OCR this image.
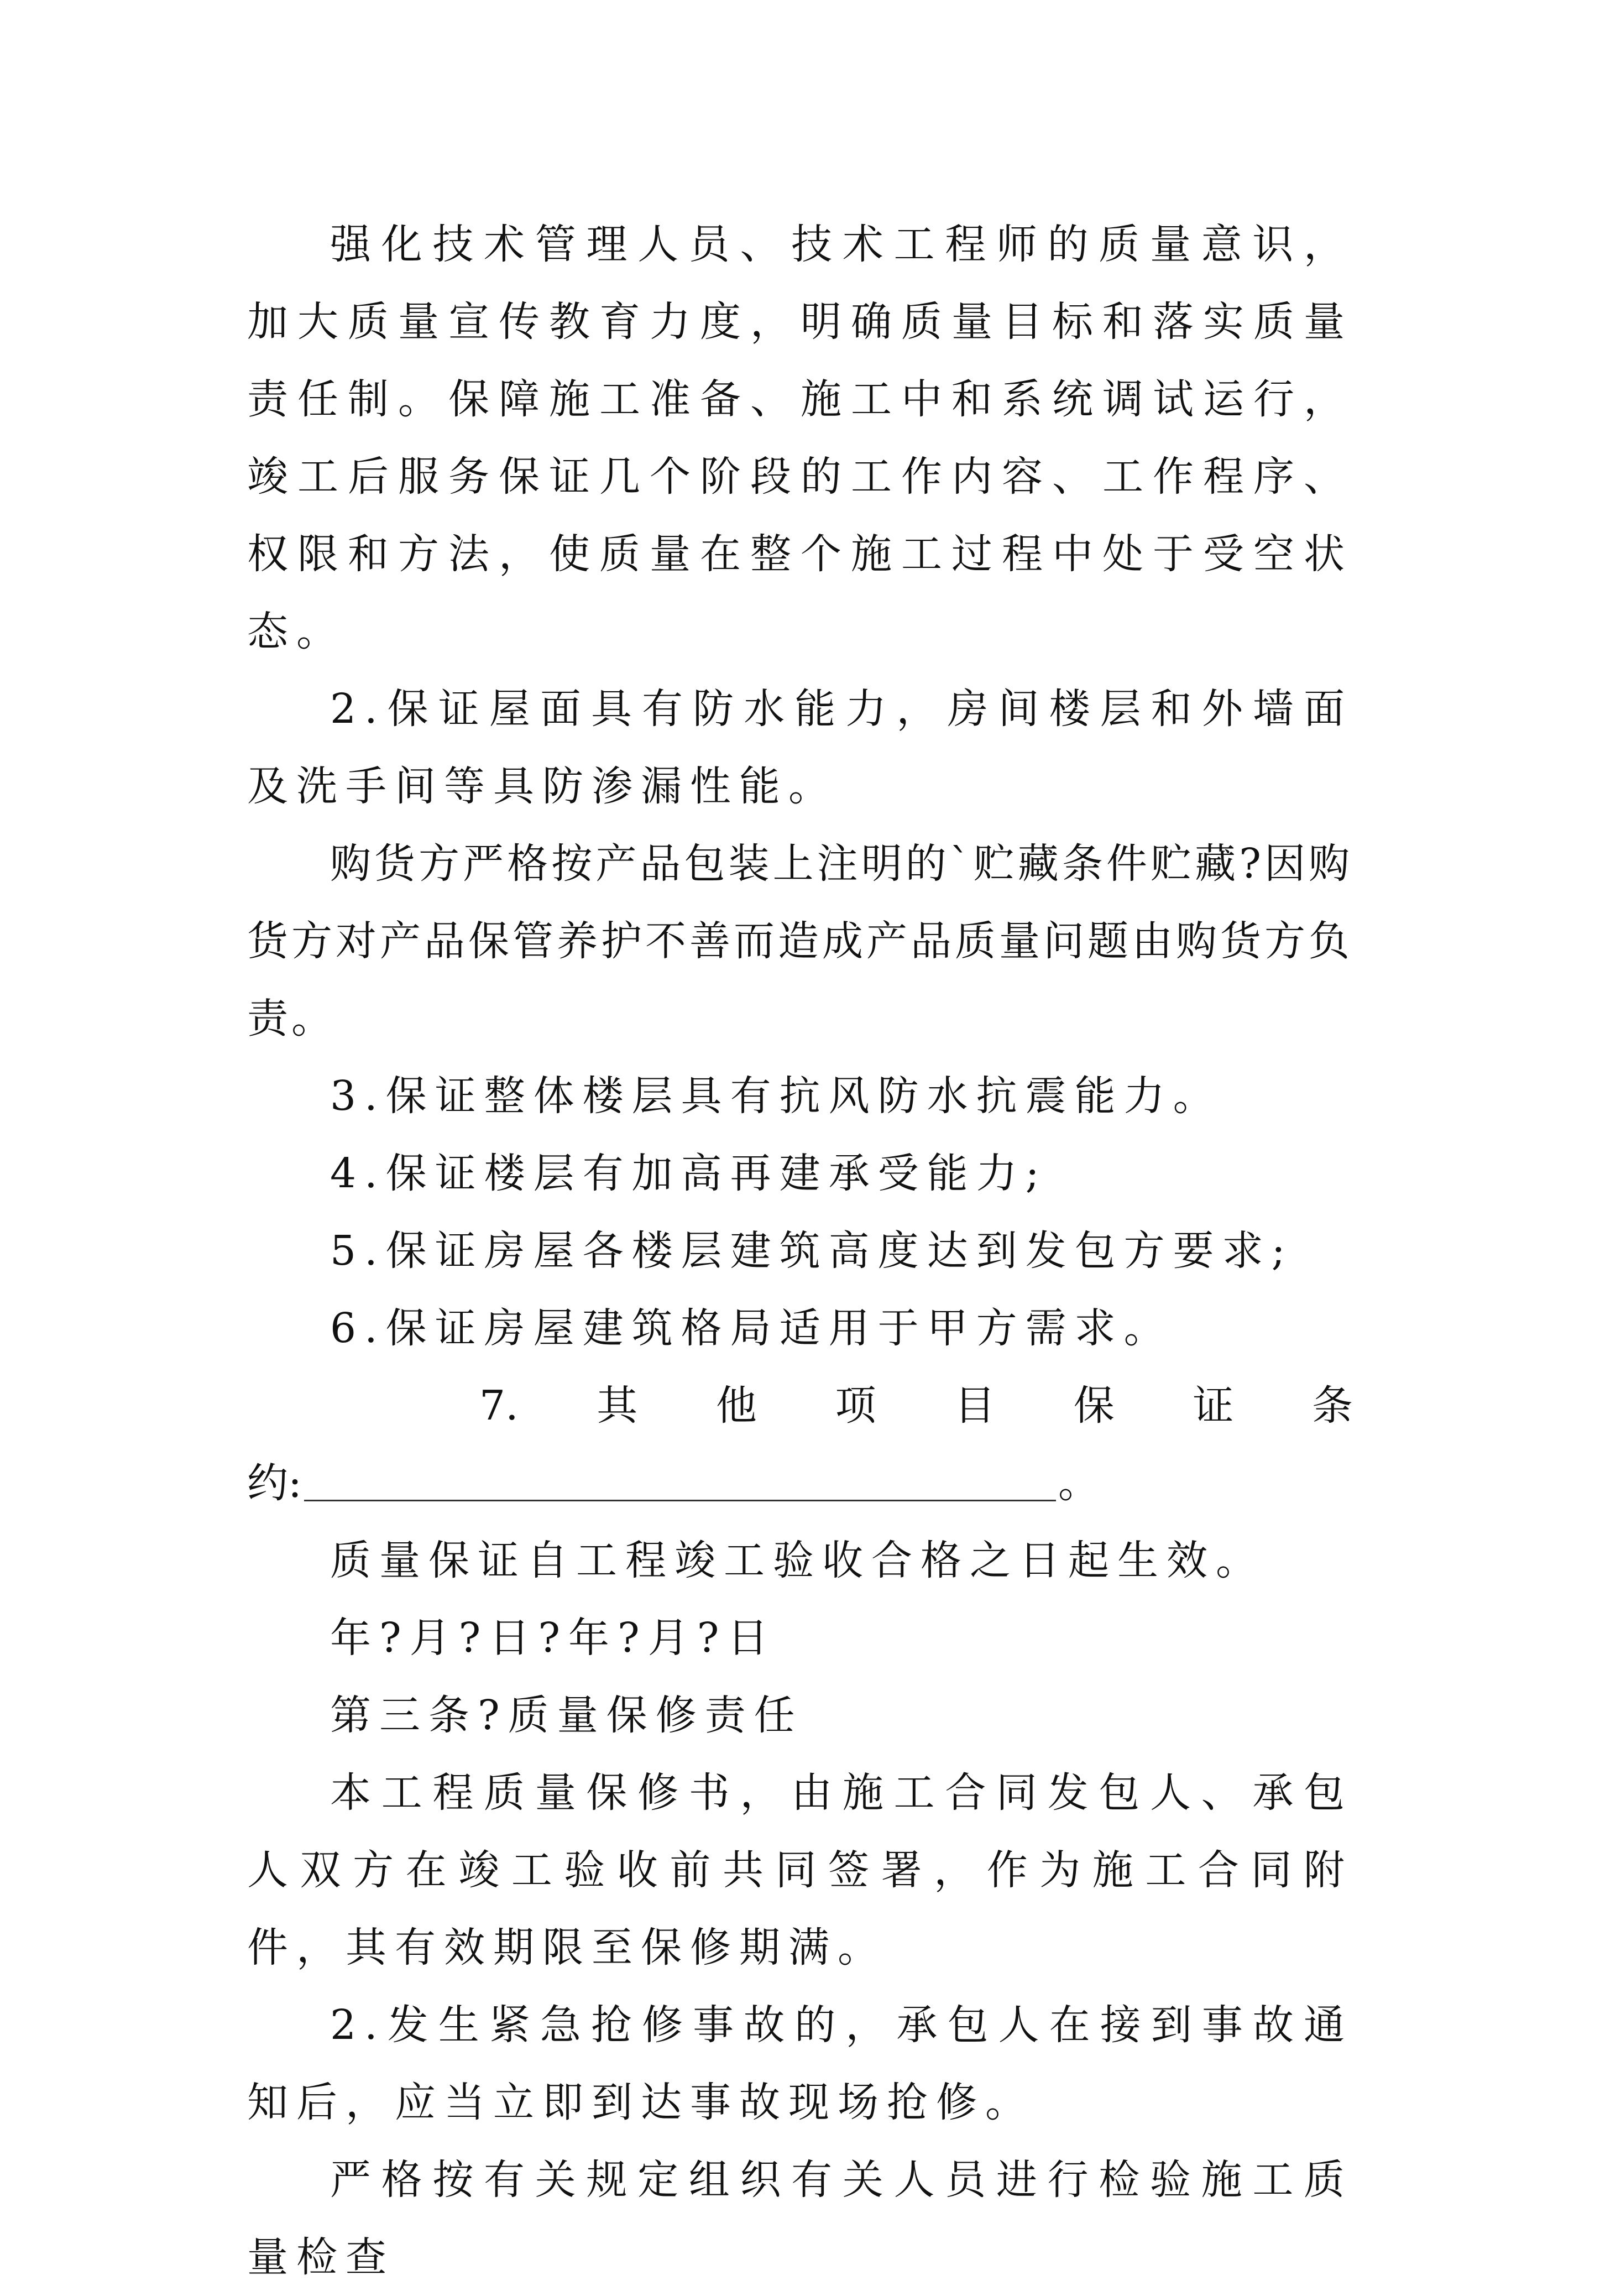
强化技术管理人员、技术工程师的质量意识，加大质量宣传教育力度，明确质量目标和落实质量责任制。保障施工准备、施工中和系统调试运行，竣工后服务保证几个阶段的工作内容、工作程序、权限和方法，使质量在整个施工过程中处于受空状态。

2.保证屋面具有防水能力，房间楼层和外墙面及洗手间等具防渗漏性能。

购货方严格按产品包装上注明的`贮藏条件贮藏?因购货方对产品保管养护不善而造成产品质量问题由购货方负责。

3.保证整体楼层具有抗风防水抗震能力。

4.保证楼层有加高再建承受能力;

5.保证房屋各楼层建筑高度达到发包方要求;

6.保证房屋建筑格局适用于甲方需求。

7. 其 他 项 目 保 证 条

约:	。

质量保证自工程竣工验收合格之日起生效。

年?月?日?年?月?日

第三条?质量保修责任

本工程质量保修书，由施工合同发包人、承包人双方在竣工验收前共同签署，作为施工合同附件，其有效期限至保修期满。

2.发生紧急抢修事故的，承包人在接到事故通知后，应当立即到达事故现场抢修。

严格按有关规定组织有关人员进行检验施工质量检查
